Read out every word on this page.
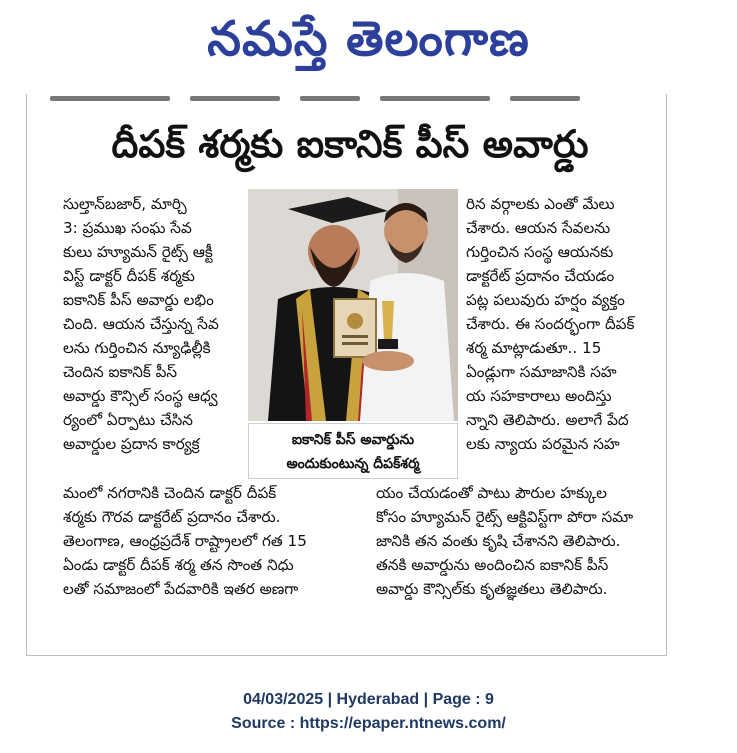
నమస్తే తెలంగాణ
దీపక్ శర్మకు ఐకానిక్ పీస్ అవార్డు
సుల్తాన్‌బజార్, మార్చి
3: ప్రముఖ సంఘ సేవ
కులు హ్యూమన్ రైట్స్ ఆక్టీ
విస్ట్ డాక్టర్ దీపక్ శర్మకు
ఐకానిక్ పీస్ అవార్డు లభిం
చింది. ఆయన చేస్తున్న సేవ
లను గుర్తించిన న్యూఢిల్లీకి
చెందిన ఐకానిక్ పీస్
అవార్డు కౌన్సిల్ సంస్థ ఆధ్వ
ర్యంలో ఏర్పాటు చేసిన
అవార్డుల ప్రదాన కార్యక్ర	ఐకానిక్ పీస్ అవార్డును
అందుకుంటున్న దీపక్‌శర్మ
రిన వర్గాలకు ఎంతో మేలు
చేశారు. ఆయన సేవలను
గుర్తించిన సంస్థ ఆయనకు
డాక్టరేట్ ప్రదానం చేయడం
పట్ల పలువురు హర్షం వ్యక్తం
చేశారు. ఈ సందర్భంగా దీపక్
శర్మ మాట్లాడుతూ.. 15
ఏండ్లుగా సమాజానికి సహ
య సహకారాలు అందిస్తు
న్నాని తెలిపారు. అలాగే పేద
లకు న్యాయ పరమైన సహ
మంలో నగరానికి చెందిన డాక్టర్ దీపక్
శర్మకు గౌరవ డాక్టరేట్ ప్రదానం చేశారు.
తెలంగాణ, ఆంధ్రప్రదేశ్ రాష్ట్రాలలో గత 15
ఏండు డాక్టర్ దీపక్ శర్మ తన సొంత నిధు
లతో సమాజంలో పేదవారికి ఇతర అణగా
యం చేయడంతో పాటు పౌరుల హక్కుల
కోసం హ్యూమన్ రైట్స్ ఆక్టివిస్ట్‌గా పోరా సమా
జానికి తన వంతు కృషి చేశానని తెలిపారు.
తనకి అవార్డును అందించిన ఐకానిక్ పీస్
అవార్డు కౌన్సిల్‌కు కృతజ్ఞతలు తెలిపారు.
04/03/2025 | Hyderabad | Page : 9
Source : https://epaper.ntnews.com/
